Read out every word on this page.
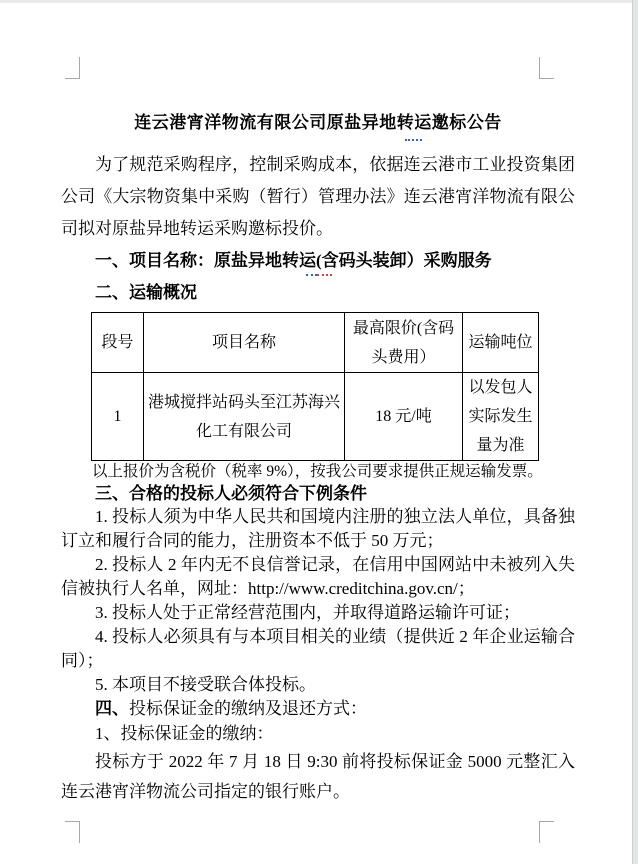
连云港宵洋物流有限公司原盐异地转运邀标公告

为了规范采购程序，控制采购成本，依据连云港市工业投资集团公司《大宗物资集中采购（暂行）管理办法》连云港宵洋物流有限公司拟对原盐异地转运采购邀标投价。

一、项目名称：原盐异地转运(含码头装卸）采购服务

二、运输概况

段号	项目名称	最高限价(含码头费用）	运输吨位
1	港城搅拌站码头至江苏海兴化工有限公司	18 元/吨	以发包人实际发生量为准

以上报价为含税价（税率 9%），按我公司要求提供正规运输发票。

三、合格的投标人必须符合下例条件

1. 投标人须为中华人民共和国境内注册的独立法人单位，具备独订立和履行合同的能力，注册资本不低于 50 万元；

2. 投标人 2 年内无不良信誉记录，在信用中国网站中未被列入失信被执行人名单，网址：http://www.creditchina.gov.cn/；

3. 投标人处于正常经营范围内，并取得道路运输许可证；

4. 投标人必须具有与本项目相关的业绩（提供近 2 年企业运输合同）；

5. 本项目不接受联合体投标。

四、投标保证金的缴纳及退还方式：

1、投标保证金的缴纳：

投标方于 2022 年 7 月 18 日 9:30 前将投标保证金 5000 元整汇入连云港宵洋物流公司指定的银行账户。
